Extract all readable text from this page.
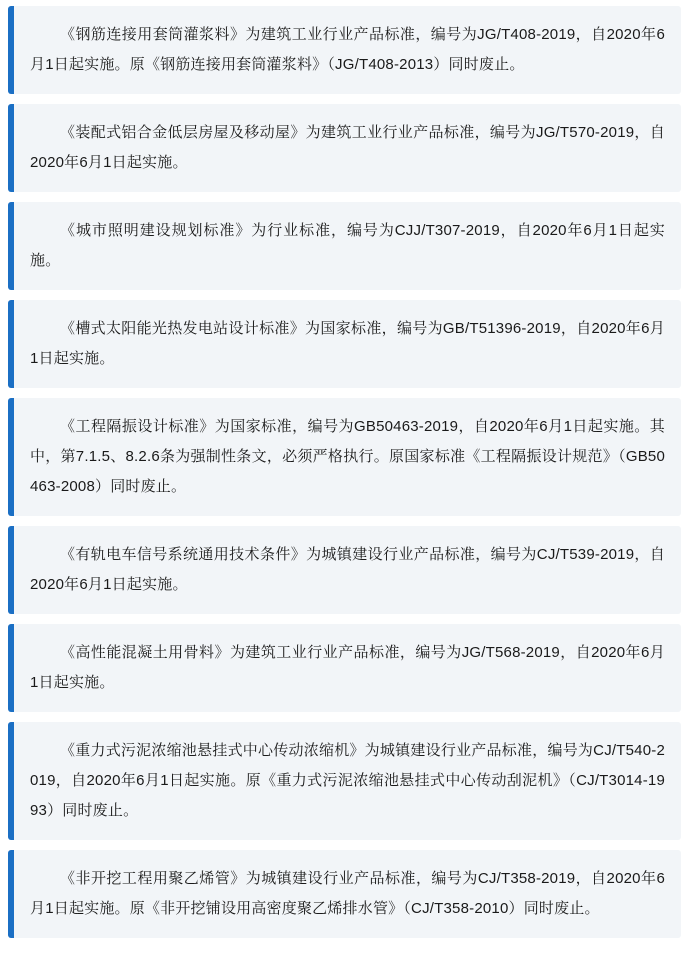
《钢筋连接用套筒灌浆料》为建筑工业行业产品标准，编号为JG/T408-2019，自2020年6月1日起实施。原《钢筋连接用套筒灌浆料》（JG/T408-2013）同时废止。
《装配式铝合金低层房屋及移动屋》为建筑工业行业产品标准，编号为JG/T570-2019，自2020年6月1日起实施。
《城市照明建设规划标准》为行业标准，编号为CJJ/T307-2019，自2020年6月1日起实施。
《槽式太阳能光热发电站设计标准》为国家标准，编号为GB/T51396-2019，自2020年6月1日起实施。
《工程隔振设计标准》为国家标准，编号为GB50463-2019，自2020年6月1日起实施。其中，第7.1.5、8.2.6条为强制性条文，必须严格执行。原国家标准《工程隔振设计规范》（GB50463-2008）同时废止。
《有轨电车信号系统通用技术条件》为城镇建设行业产品标准，编号为CJ/T539-2019，自2020年6月1日起实施。
《高性能混凝土用骨料》为建筑工业行业产品标准，编号为JG/T568-2019，自2020年6月1日起实施。
《重力式污泥浓缩池悬挂式中心传动浓缩机》为城镇建设行业产品标准，编号为CJ/T540-2019，自2020年6月1日起实施。原《重力式污泥浓缩池悬挂式中心传动刮泥机》（CJ/T3014-1993）同时废止。
《非开挖工程用聚乙烯管》为城镇建设行业产品标准，编号为CJ/T358-2019，自2020年6月1日起实施。原《非开挖铺设用高密度聚乙烯排水管》（CJ/T358-2010）同时废止。
